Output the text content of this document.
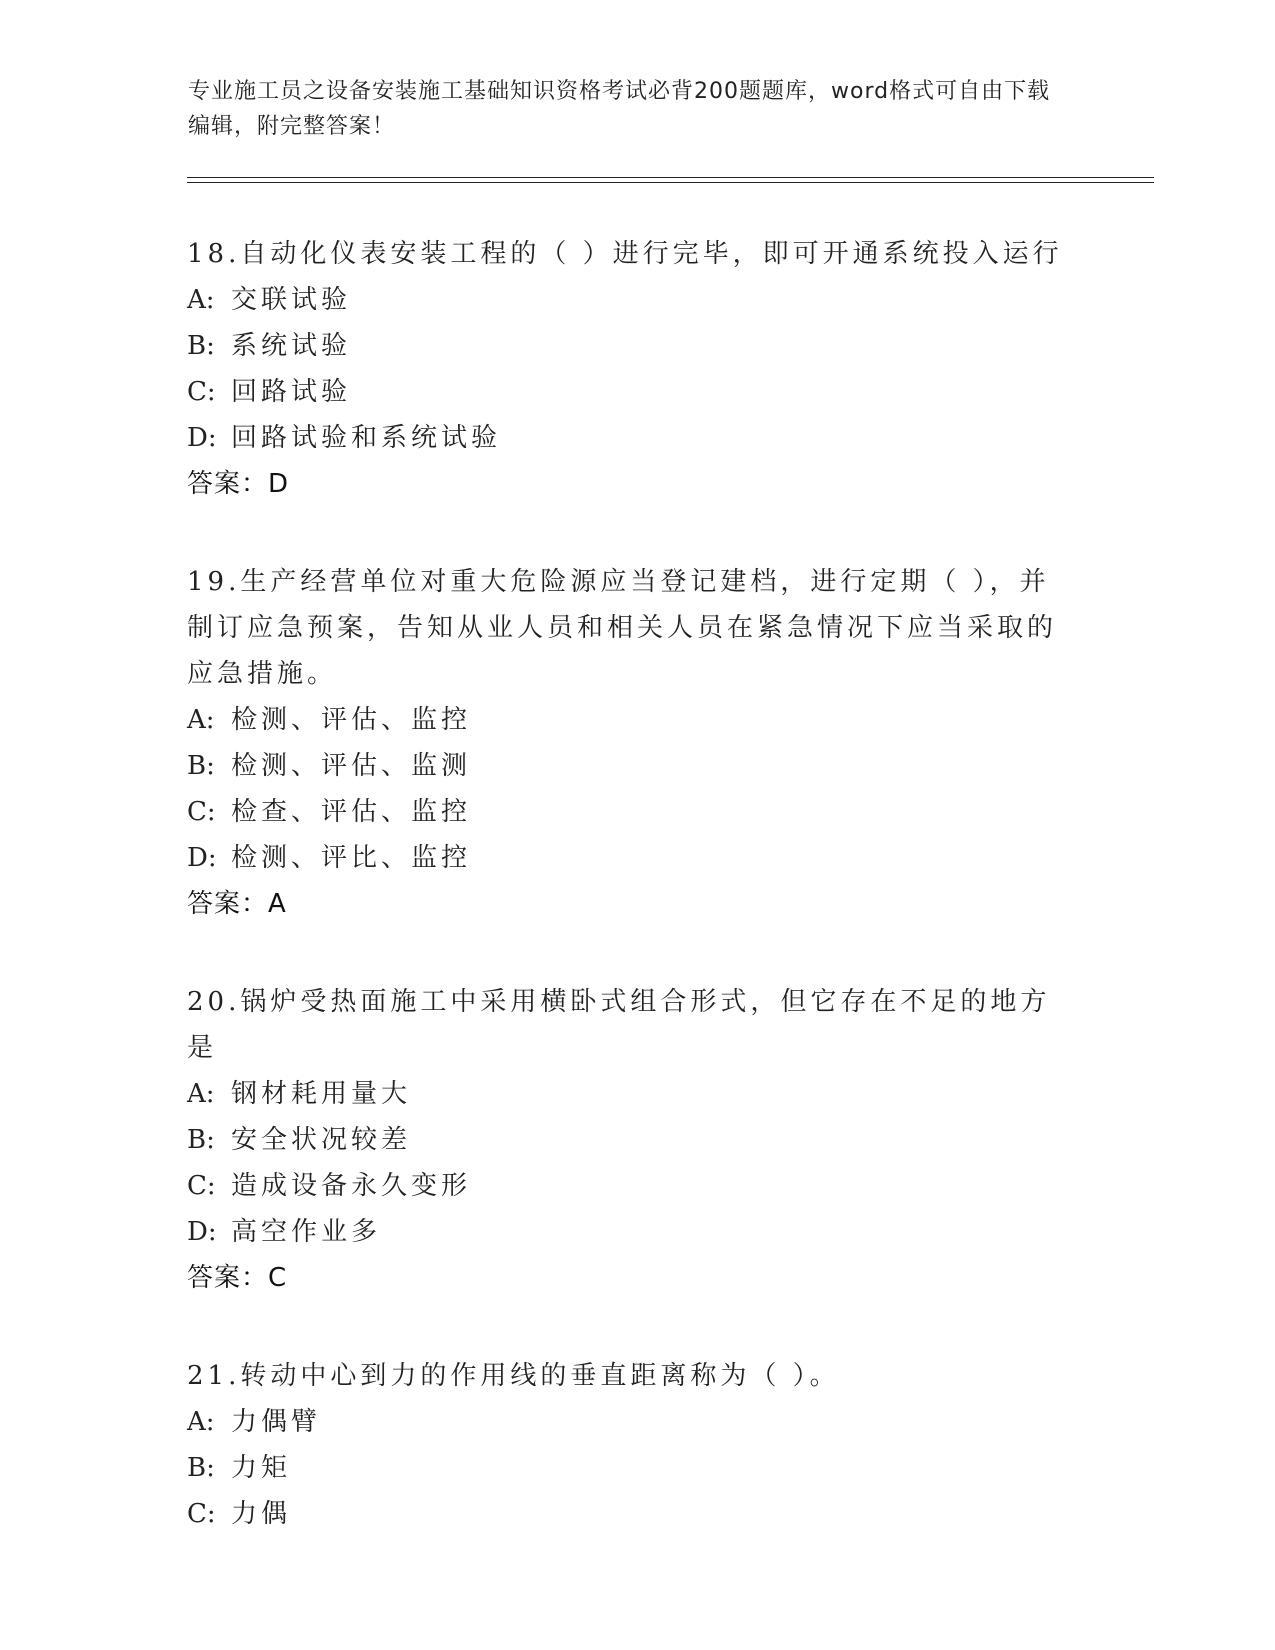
专业施工员之设备安装施工基础知识资格考试必背200题题库，word格式可自由下载编辑，附完整答案！
18.自动化仪表安装工程的（ ）进行完毕，即可开通系统投入运行
A: 交联试验
B: 系统试验
C: 回路试验
D: 回路试验和系统试验
答案：D
19.生产经营单位对重大危险源应当登记建档，进行定期（ ），并制订应急预案，告知从业人员和相关人员在紧急情况下应当采取的应急措施。
A: 检测、评估、监控
B: 检测、评估、监测
C: 检查、评估、监控
D: 检测、评比、监控
答案：A
20.锅炉受热面施工中采用横卧式组合形式，但它存在不足的地方是
A: 钢材耗用量大
B: 安全状况较差
C: 造成设备永久变形
D: 高空作业多
答案：C
21.转动中心到力的作用线的垂直距离称为（ ）。
A: 力偶臂
B: 力矩
C: 力偶
